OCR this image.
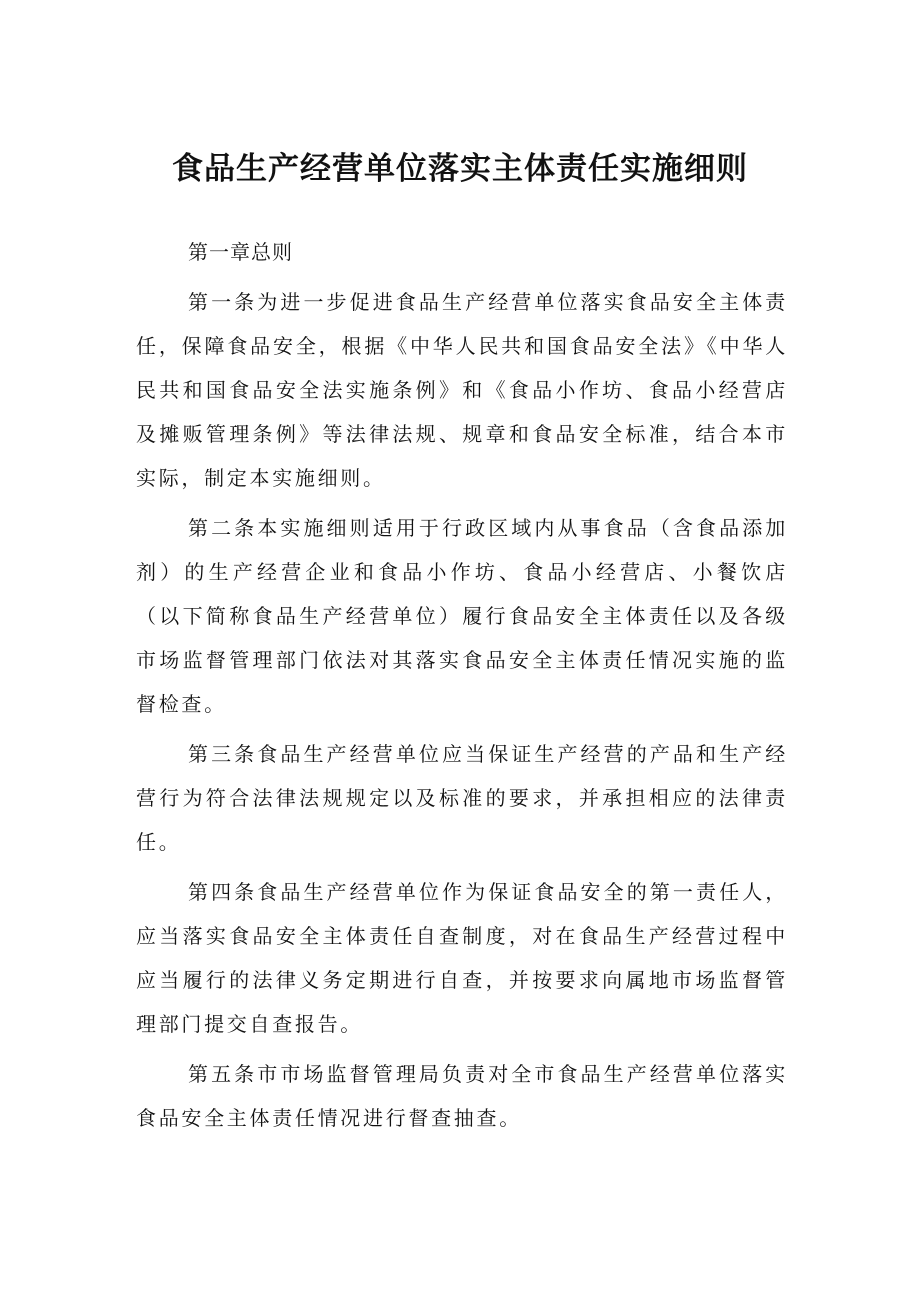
食品生产经营单位落实主体责任实施细则

第一章总则

第一条为进一步促进食品生产经营单位落实食品安全主体责任，保障食品安全，根据《中华人民共和国食品安全法》《中华人民共和国食品安全法实施条例》和《食品小作坊、食品小经营店及摊贩管理条例》等法律法规、规章和食品安全标准，结合本市实际，制定本实施细则。

第二条本实施细则适用于行政区域内从事食品（含食品添加剂）的生产经营企业和食品小作坊、食品小经营店、小餐饮店（以下简称食品生产经营单位）履行食品安全主体责任以及各级市场监督管理部门依法对其落实食品安全主体责任情况实施的监督检查。

第三条食品生产经营单位应当保证生产经营的产品和生产经营行为符合法律法规规定以及标准的要求，并承担相应的法律责任。

第四条食品生产经营单位作为保证食品安全的第一责任人，应当落实食品安全主体责任自查制度，对在食品生产经营过程中应当履行的法律义务定期进行自查，并按要求向属地市场监督管理部门提交自查报告。

第五条市市场监督管理局负责对全市食品生产经营单位落实食品安全主体责任情况进行督查抽查。
